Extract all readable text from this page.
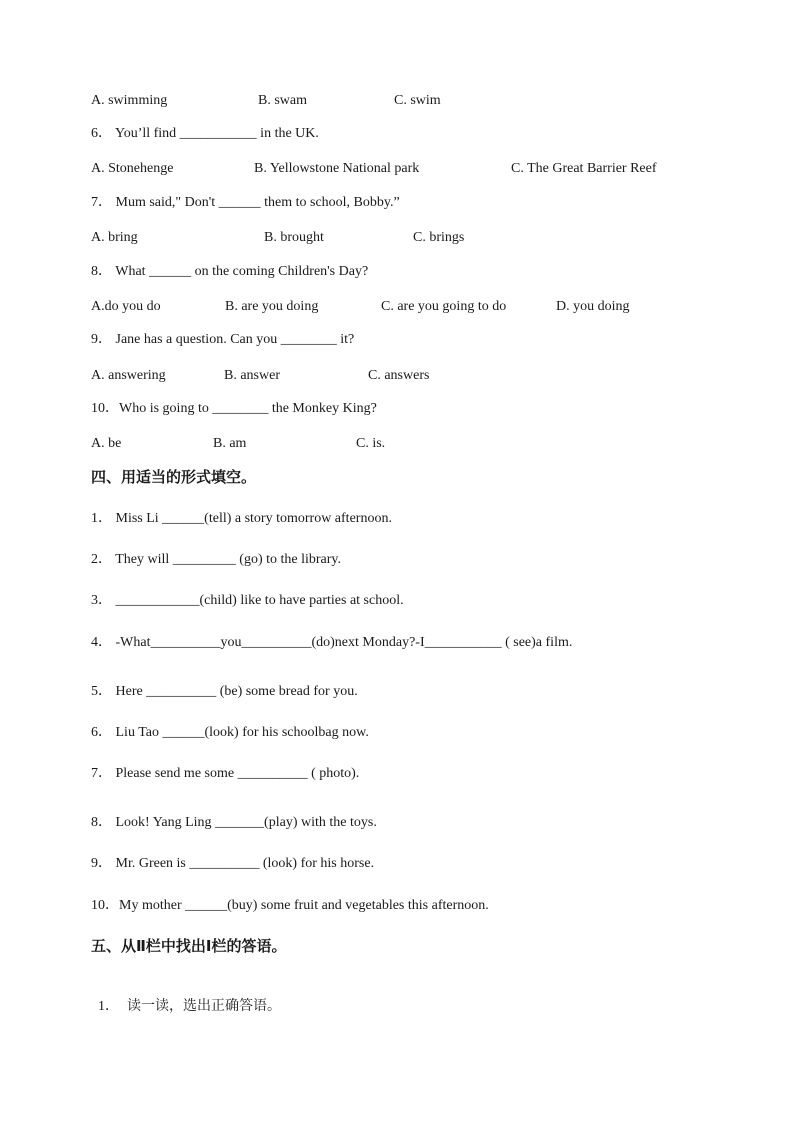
A. swimming

	B. swam

	C. swim

6． You’ll find ___________ in the UK.

A. Stonehenge

	B. Yellowstone National park

	C. The Great Barrier Reef

7． Mum said," Don't ______ them to school, Bobby.”

A. bring

	B. brought

	C. brings

8． What ______ on the coming Children's Day?

A.do you do

	B. are you doing

	C. are you going to do

	D. you doing

9． Jane has a question. Can you ________ it?

A. answering

	B. answer

	C. answers

10．Who is going to ________ the Monkey King?

A. be

	B. am

	C. is.

四、用适当的形式填空。
1． Miss Li ______(tell) a story tomorrow afternoon.
2． They will _________ (go) to the library.
3． ____________(child) like to have parties at school.
4． -What__________you__________(do)next Monday?-I___________ ( see)a film.
5． Here __________ (be) some bread for you.
6． Liu Tao ______(look) for his schoolbag now.
7． Please send me some __________ ( photo).
8． Look! Yang Ling _______(play) with the toys.
9． Mr. Green is __________ (look) for his horse.
10．My mother ______(buy) some fruit and vegetables this afternoon.
五、从Ⅱ栏中找出Ⅰ栏的答语。

1． 读一读，选出正确答语。
